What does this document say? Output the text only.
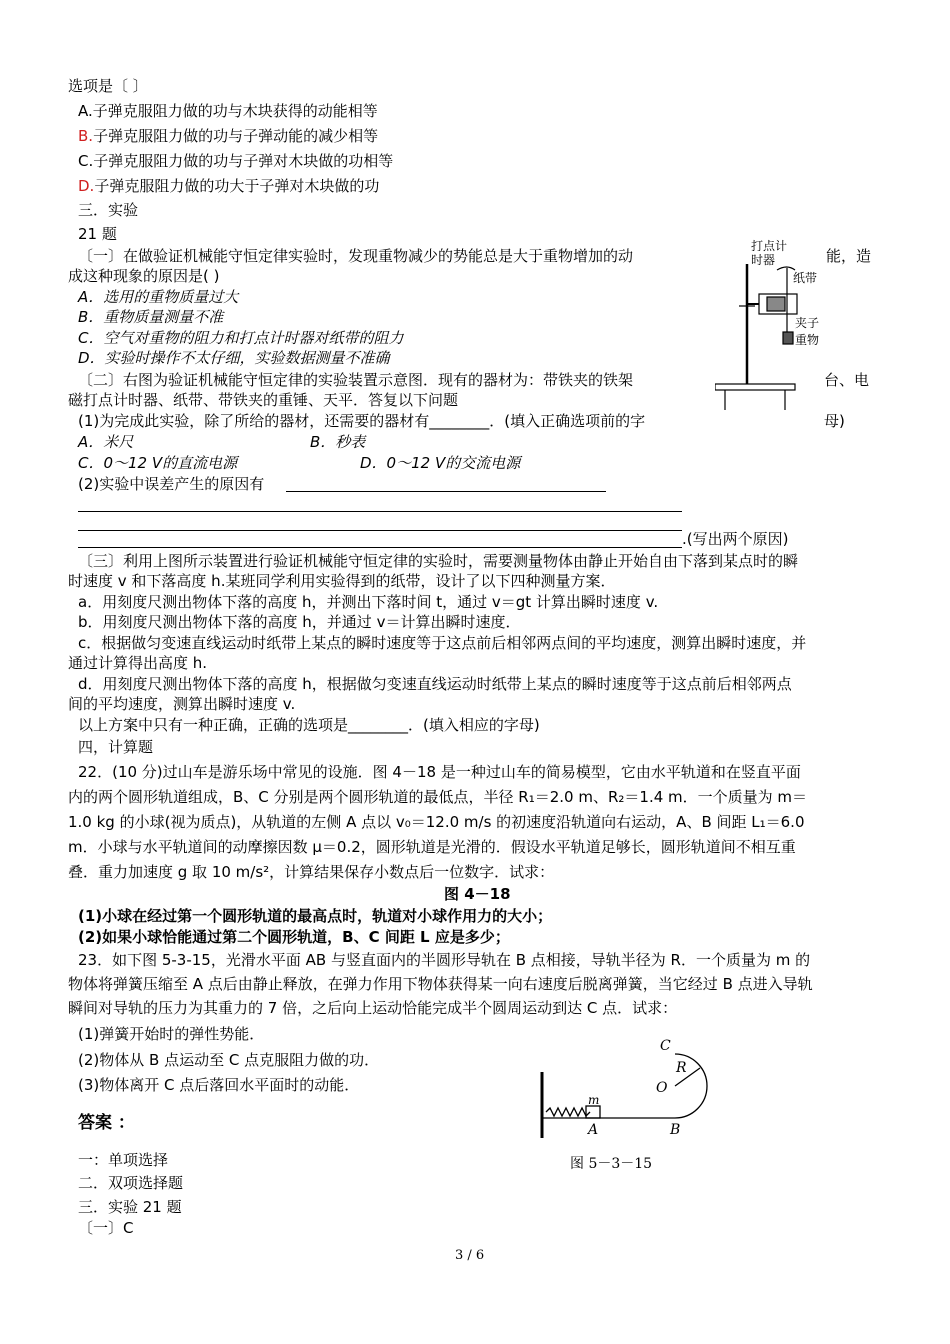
选项是〔 〕
A.子弹克服阻力做的功与木块获得的动能相等
B.子弹克服阻力做的功与子弹动能的减少相等
C.子弹克服阻力做的功与子弹对木块做的功相等
D.子弹克服阻力做的功大于子弹对木块做的功
三．实验
21 题
〔一〕在做验证机械能守恒定律实验时，发现重物减少的势能总是大于重物增加的动	能，造
成这种现象的原因是( )
A．选用的重物质量过大
B．重物质量测量不准
C．空气对重物的阻力和打点计时器对纸带的阻力
D．实验时操作不太仔细，实验数据测量不准确
〔二〕右图为验证机械能守恒定律的实验装置示意图．现有的器材为：带铁夹的铁架	台、电
磁打点计时器、纸带、带铁夹的重锤、天平．答复以下问题
(1)为完成此实验，除了所给的器材，还需要的器材有________．(填入正确选项前的字	母)
A．米尺	B．秒表
C．0～12 V的直流电源	D．0～12 V的交流电源
(2)实验中误差产生的原因有
.(写出两个原因)
〔三〕利用上图所示装置进行验证机械能守恒定律的实验时，需要测量物体由静止开始自由下落到某点时的瞬
时速度 v 和下落高度 h.某班同学利用实验得到的纸带，设计了以下四种测量方案．
a．用刻度尺测出物体下落的高度 h，并测出下落时间 t，通过 v＝gt 计算出瞬时速度 v.
b．用刻度尺测出物体下落的高度 h，并通过 v＝计算出瞬时速度．
c．根据做匀变速直线运动时纸带上某点的瞬时速度等于这点前后相邻两点间的平均速度，测算出瞬时速度，并
通过计算得出高度 h.
d．用刻度尺测出物体下落的高度 h，根据做匀变速直线运动时纸带上某点的瞬时速度等于这点前后相邻两点
间的平均速度，测算出瞬时速度 v.
以上方案中只有一种正确，正确的选项是________．(填入相应的字母)
四，计算题
22．(10 分)过山车是游乐场中常见的设施．图 4－18 是一种过山车的简易模型，它由水平轨道和在竖直平面
内的两个圆形轨道组成，B、C 分别是两个圆形轨道的最低点，半径 R₁＝2.0 m、R₂＝1.4 m．一个质量为 m＝
1.0 kg 的小球(视为质点)，从轨道的左侧 A 点以 v₀＝12.0 m/s 的初速度沿轨道向右运动，A、B 间距 L₁＝6.0
m．小球与水平轨道间的动摩擦因数 μ＝0.2，圆形轨道是光滑的．假设水平轨道足够长，圆形轨道间不相互重
叠．重力加速度 g 取 10 m/s²，计算结果保存小数点后一位数字．试求：
图 4－18
(1)小球在经过第一个圆形轨道的最高点时，轨道对小球作用力的大小；
(2)如果小球恰能通过第二个圆形轨道，B、C 间距 L 应是多少；
23．如下图 5-3-15，光滑水平面 AB 与竖直面内的半圆形导轨在 B 点相接，导轨半径为 R．一个质量为 m 的
物体将弹簧压缩至 A 点后由静止释放，在弹力作用下物体获得某一向右速度后脱离弹簧，当它经过 B 点进入导轨
瞬间对导轨的压力为其重力的 7 倍，之后向上运动恰能完成半个圆周运动到达 C 点．试求：
(1)弹簧开始时的弹性势能．
(2)物体从 B 点运动至 C 点克服阻力做的功．
(3)物体离开 C 点后落回水平面时的动能．
答案 ：
一：单项选择
二．双项选择题
三．实验 21 题
〔一〕C
3 / 6
打点计
时器
纸带
夹子
重物
C
R
O
m
A	B
图 5－3－15
